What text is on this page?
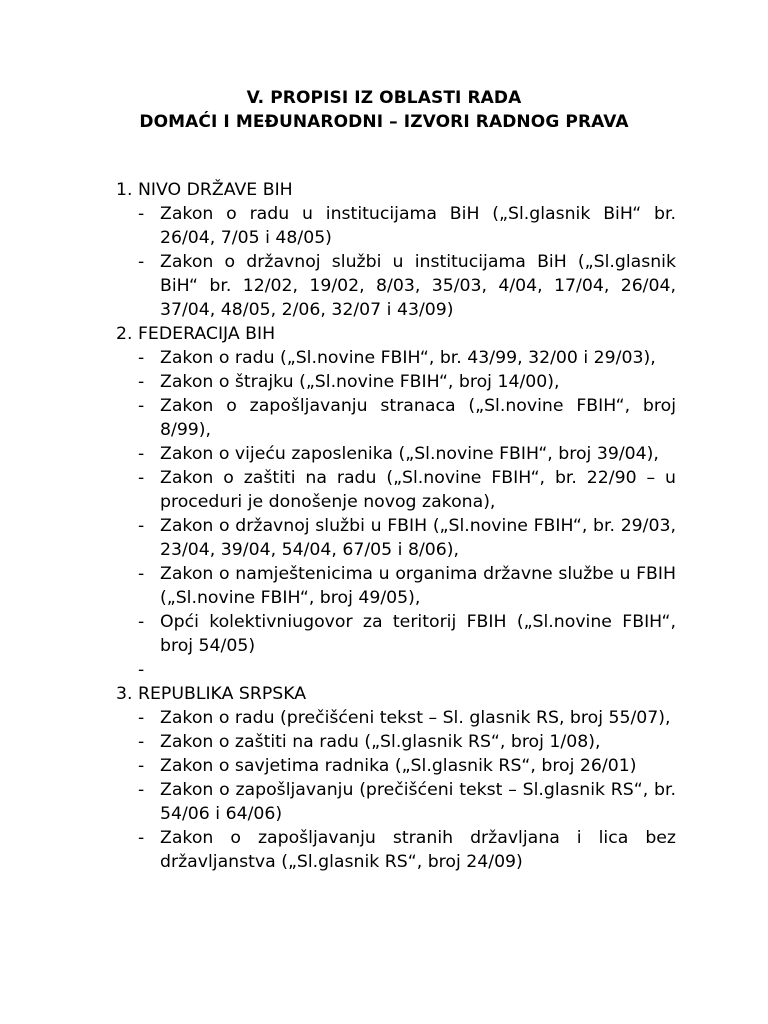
V. PROPISI IZ OBLASTI RADA
DOMAĆI I MEĐUNARODNI – IZVORI RADNOG PRAVA
1. NIVO DRŽAVE BIH
- Zakon o radu u institucijama BiH („Sl.glasnik BiH“ br. 26/04, 7/05 i 48/05)
- Zakon o državnoj službi u institucijama BiH („Sl.glasnik BiH“ br. 12/02, 19/02, 8/03, 35/03, 4/04, 17/04, 26/04, 37/04, 48/05, 2/06, 32/07 i 43/09)
2. FEDERACIJA BIH
- Zakon o radu („Sl.novine FBIH“, br. 43/99, 32/00 i 29/03),
- Zakon o štrajku („Sl.novine FBIH“, broj 14/00),
- Zakon o zapošljavanju stranaca („Sl.novine FBIH“, broj 8/99),
- Zakon o vijeću zaposlenika („Sl.novine FBIH“, broj 39/04),
- Zakon o zaštiti na radu („Sl.novine FBIH“, br. 22/90 – u proceduri je donošenje novog zakona),
- Zakon o državnoj službi u FBIH („Sl.novine FBIH“, br. 29/03, 23/04, 39/04, 54/04, 67/05 i 8/06),
- Zakon o namještenicima u organima državne službe u FBIH („Sl.novine FBIH“, broj 49/05),
- Opći kolektivniugovor za teritorij FBIH („Sl.novine FBIH“, broj 54/05)
-
3. REPUBLIKA SRPSKA
- Zakon o radu (prečišćeni tekst – Sl. glasnik RS, broj 55/07),
- Zakon o zaštiti na radu („Sl.glasnik RS“, broj 1/08),
- Zakon o savjetima radnika („Sl.glasnik RS“, broj 26/01)
- Zakon o zapošljavanju (prečišćeni tekst – Sl.glasnik RS“, br. 54/06 i 64/06)
- Zakon o zapošljavanju stranih državljana i lica bez državljanstva („Sl.glasnik RS“, broj 24/09)
